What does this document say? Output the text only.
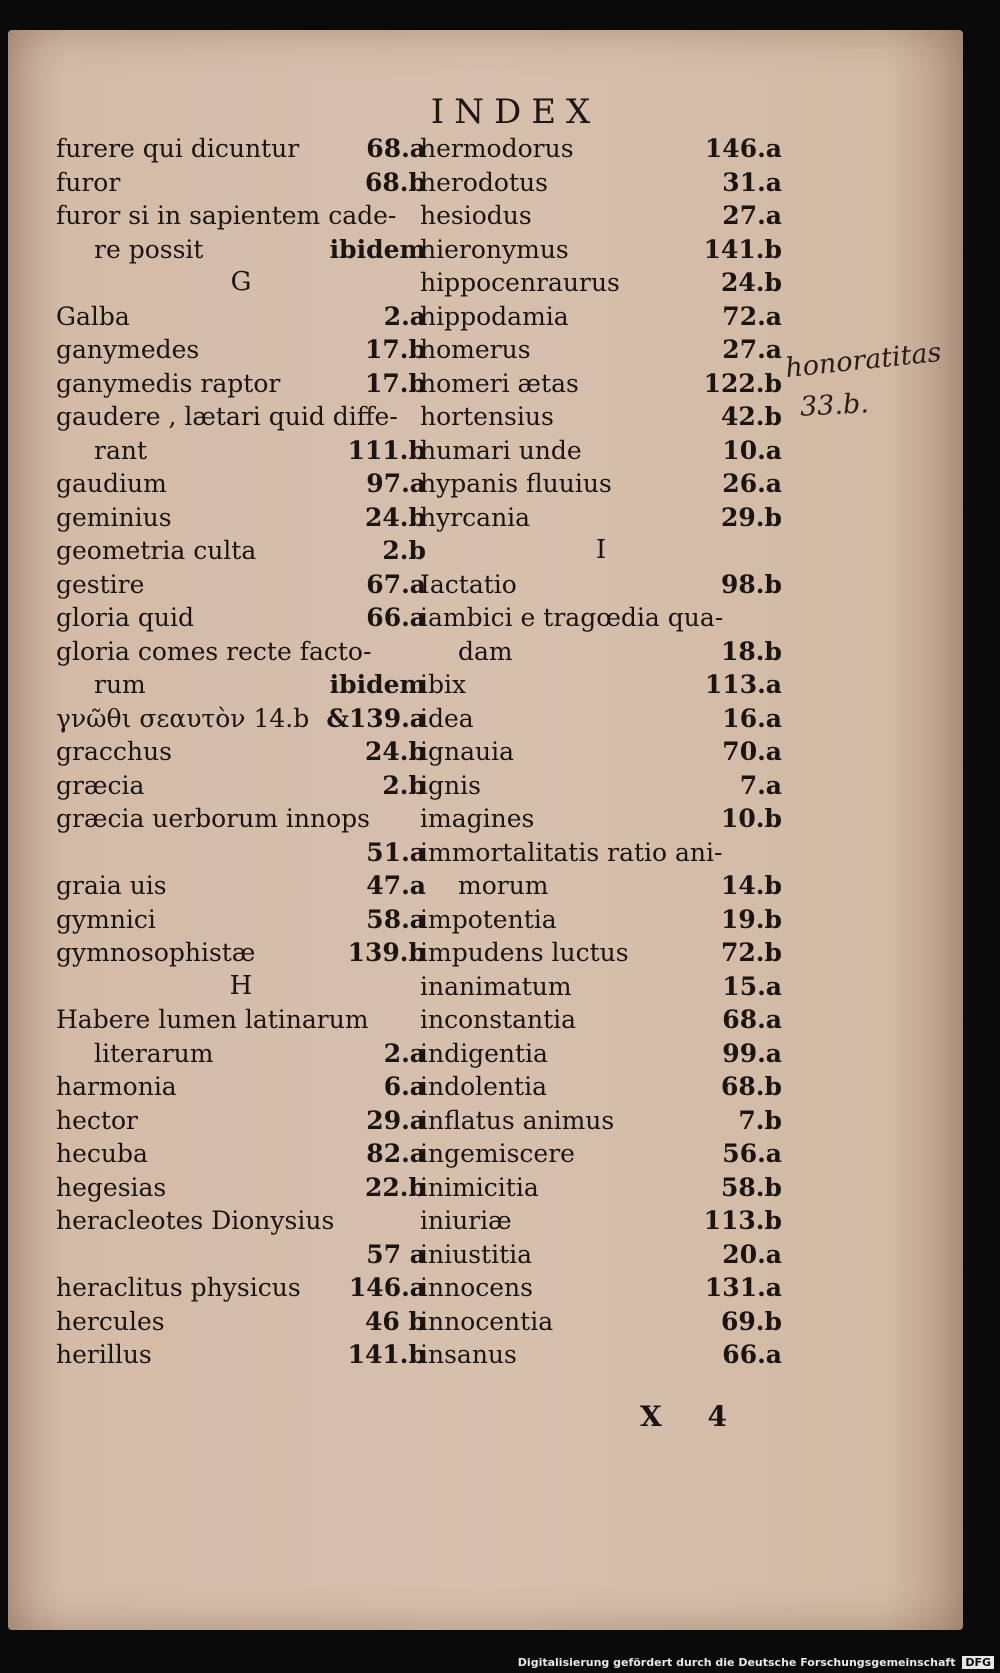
INDEX
furere qui dicuntur	68.a
furor	68.b
furor si in sapientem cade-
re possit	ibidem
G
Galba	2.a
ganymedes	17.b
ganymedis raptor	17.b
gaudere , lætari quid diffe-
rant	111.b
gaudium	97.a
geminius	24.b
geometria culta	2.b
gestire	67.a
gloria quid	66.a
gloria comes recte facto-
rum	ibidem
γνῶθι σεαυτὸν 14.b &139.a
gracchus	24.b
græcia	2.b
græcia uerborum innops
51.a
graia uis	47.a
gymnici	58.a
gymnosophistæ	139.b
H
Habere lumen latinarum
literarum	2.a
harmonia	6.a
hector	29.a
hecuba	82.a
hegesias	22.b
heracleotes Dionysius
57 a
heraclitus physicus 146.a
hercules	46 b
herillus	141.b
hermodorus	146.a
herodotus	31.a
hesiodus	27.a
hieronymus	141.b
hippocenraurus	24.b
hippodamia	72.a
homerus	27.a
homeri ætas	122.b
hortensius	42.b
humari unde	10.a
hypanis fluuius	26.a
hyrcania	29.b
I
Iactatio	98.b
iambici e tragœdia qua-
dam	18.b
ibix	113.a
idea	16.a
ignauia	70.a
ignis	7.a
imagines	10.b
immortalitatis ratio ani-
morum	14.b
impotentia	19.b
impudens luctus	72.b
inanimatum	15.a
inconstantia	68.a
indigentia	99.a
indolentia	68.b
inflatus animus	7.b
ingemiscere	56.a
inimicitia	58.b
iniuriæ	113.b
iniustitia	20.a
innocens	131.a
innocentia	69.b
insanus	66.a
X 4
honoratitas
33.b.
Digitalisierung gefördert durch die Deutsche Forschungsgemeinschaft DFG
